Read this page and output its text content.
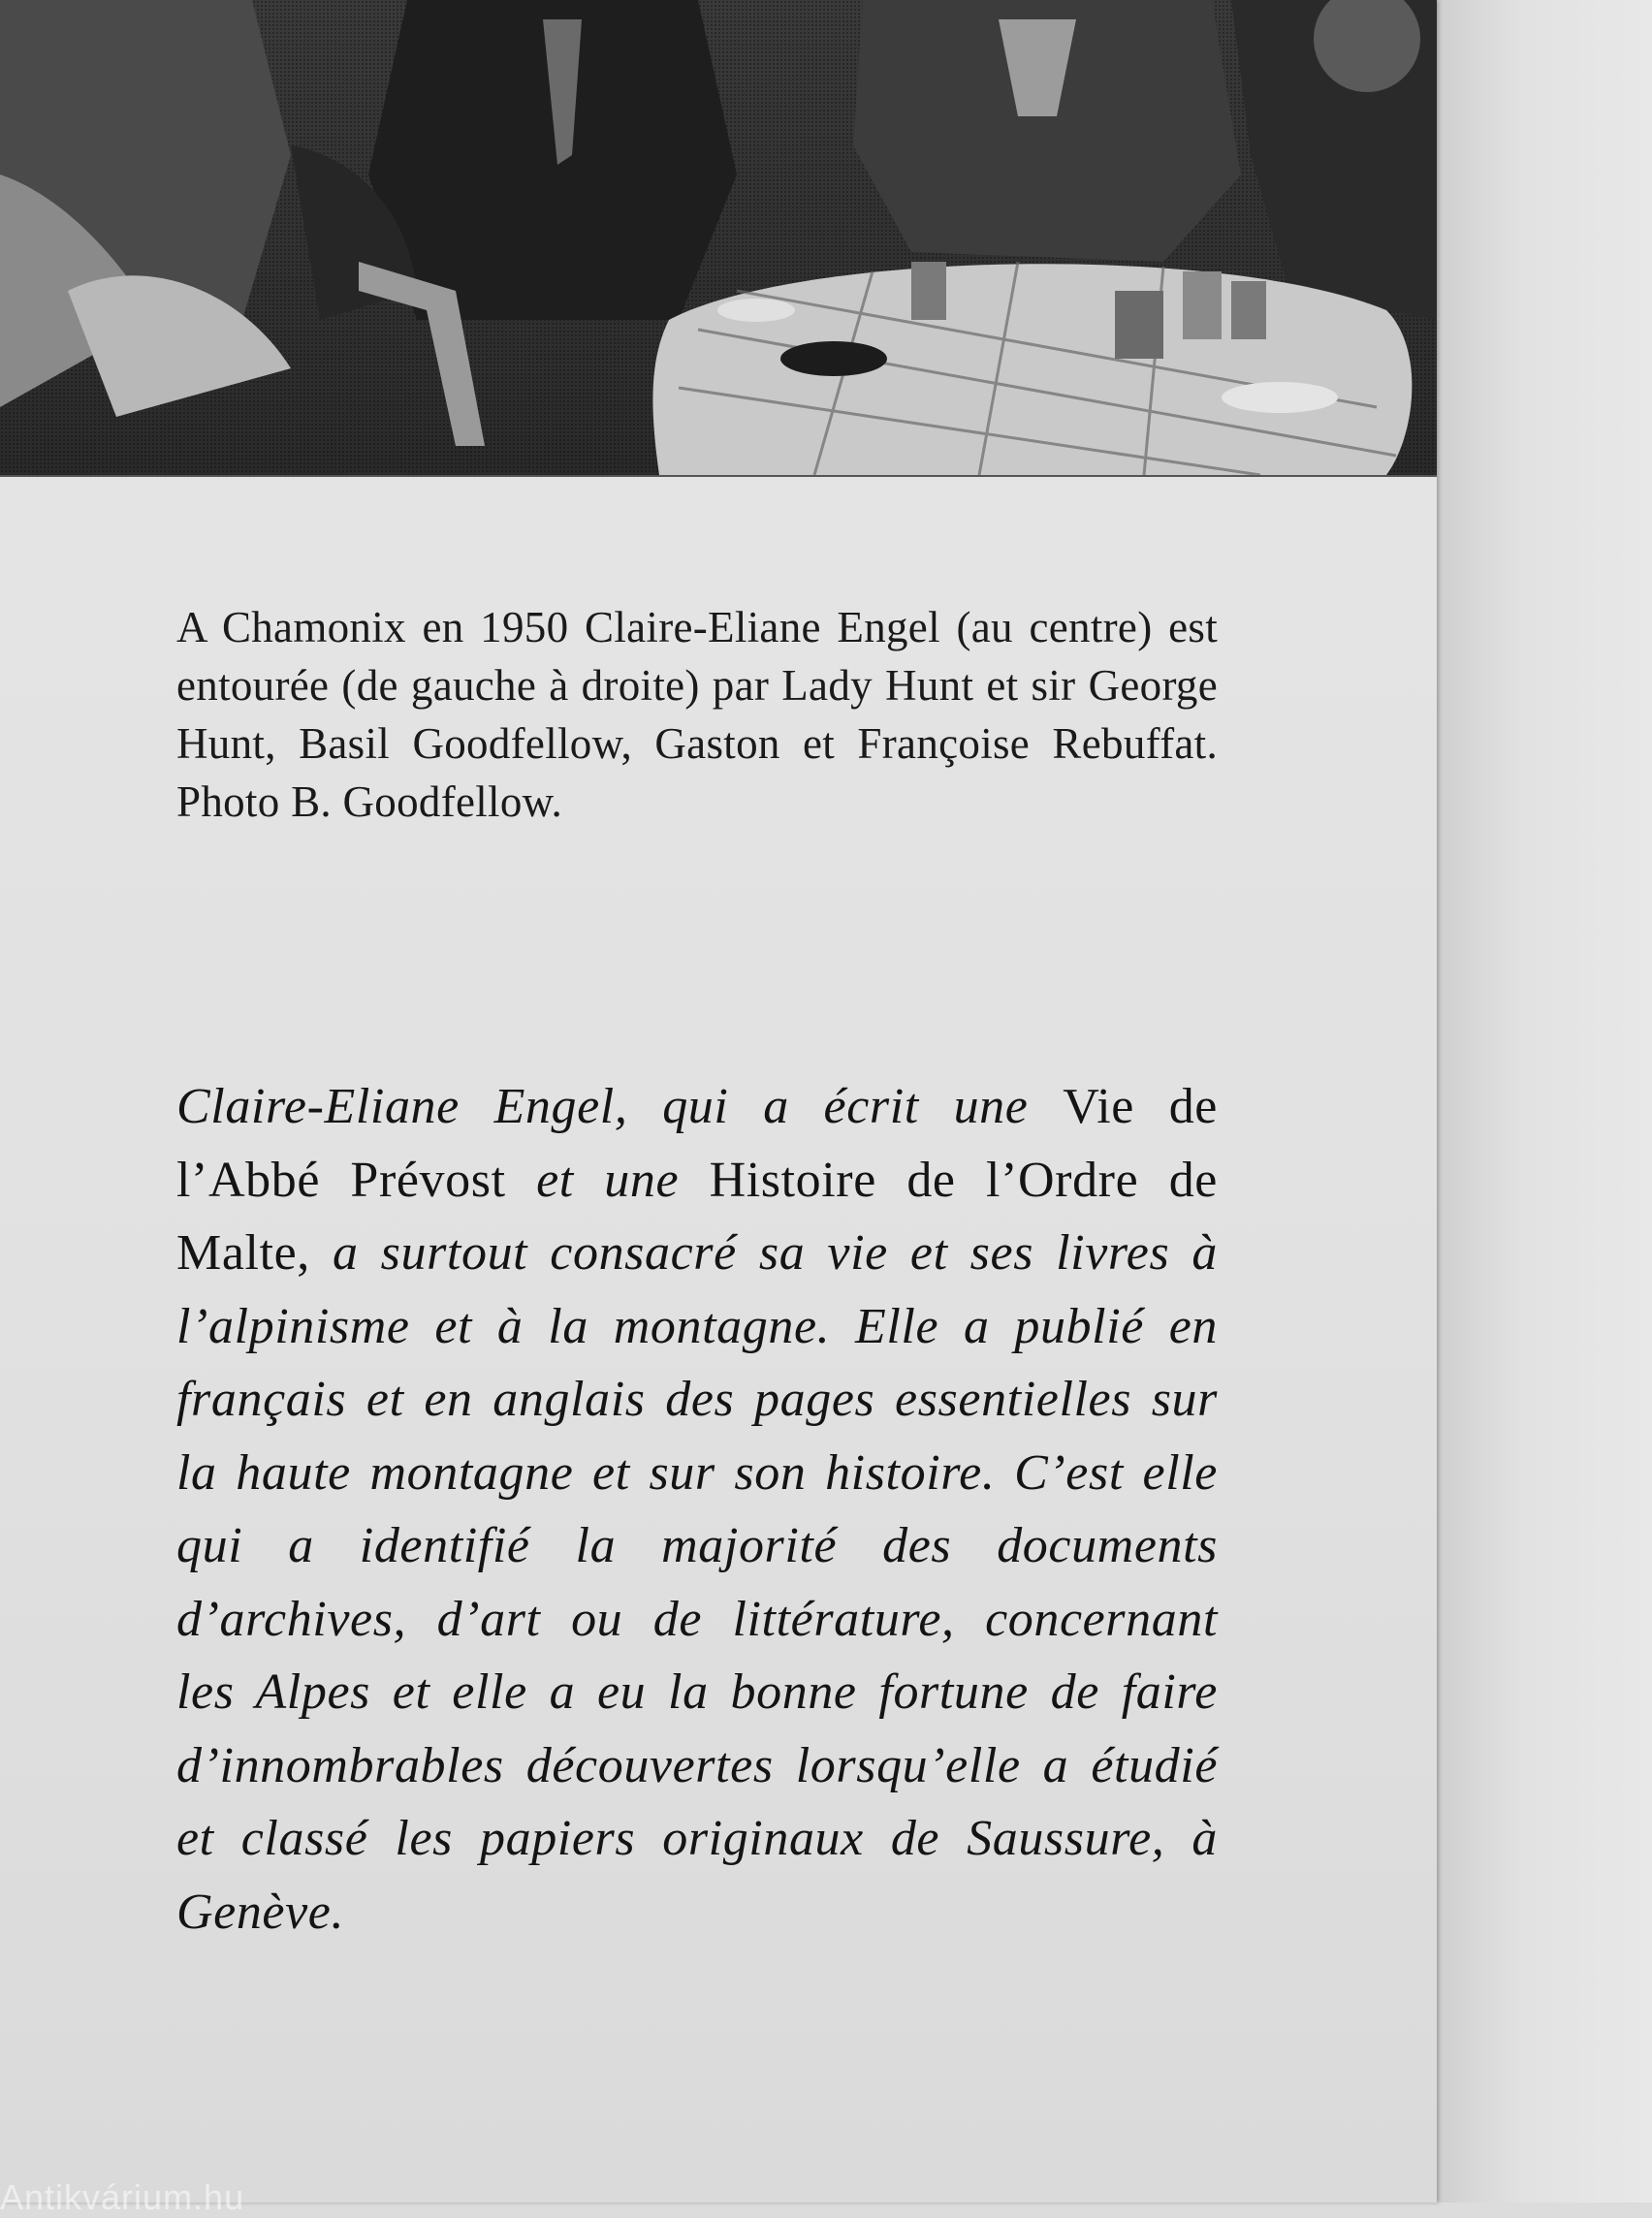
A Chamonix en 1950 Claire-Eliane Engel (au centre) est entourée (de gauche à droite) par Lady Hunt et sir George Hunt, Basil Goodfellow, Gaston et Françoise Rebuffat. Photo B. Goodfellow.

Claire-Eliane Engel, qui a écrit une Vie de l’Abbé Prévost et une Histoire de l’Ordre de Malte, a surtout consacré sa vie et ses livres à l’alpinisme et à la montagne. Elle a publié en français et en anglais des pages essentielles sur la haute montagne et sur son histoire. C’est elle qui a identifié la majorité des documents d’archives, d’art ou de littérature, concernant les Alpes et elle a eu la bonne fortune de faire d’innombrables découvertes lorsqu’elle a étudié et classé les papiers originaux de Saussure, à Genève.

Antikvárium.hu
